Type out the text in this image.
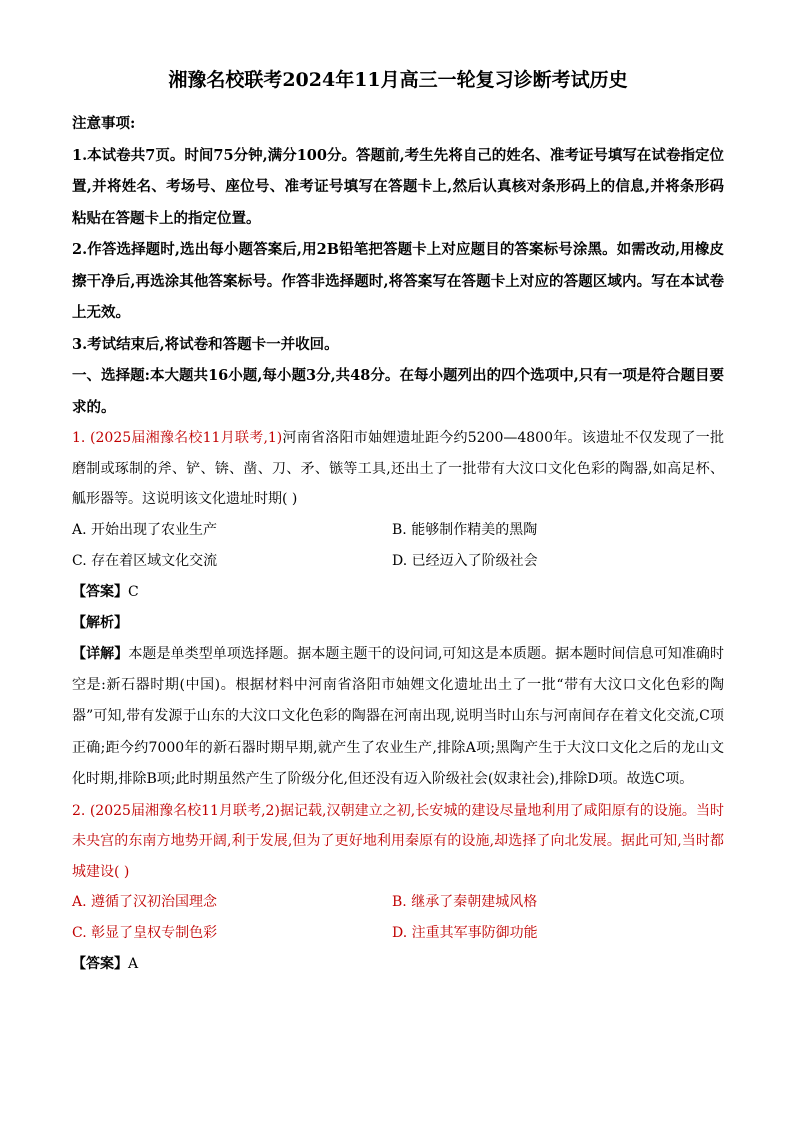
湘豫名校联考2024年11月高三一轮复习诊断考试历史

注意事项:

1.本试卷共7页。时间75分钟,满分100分。答题前,考生先将自己的姓名、准考证号填写在试卷指定位置,并将姓名、考场号、座位号、准考证号填写在答题卡上,然后认真核对条形码上的信息,并将条形码粘贴在答题卡上的指定位置。

2.作答选择题时,选出每小题答案后,用2B铅笔把答题卡上对应题目的答案标号涂黑。如需改动,用橡皮擦干净后,再选涂其他答案标号。作答非选择题时,将答案写在答题卡上对应的答题区域内。写在本试卷上无效。

3.考试结束后,将试卷和答题卡一并收回。

一、选择题:本大题共16小题,每小题3分,共48分。在每小题列出的四个选项中,只有一项是符合题目要求的。

1. (2025届湘豫名校11月联考,1)河南省洛阳市妯娌遗址距今约5200—4800年。该遗址不仅发现了一批磨制或琢制的斧、铲、锛、凿、刀、矛、镞等工具,还出土了一批带有大汶口文化色彩的陶器,如高足杯、觚形器等。这说明该文化遗址时期( )

A. 开始出现了农业生产	B. 能够制作精美的黑陶

C. 存在着区域文化交流	D. 已经迈入了阶级社会

【答案】C

【解析】

【详解】本题是单类型单项选择题。据本题主题干的设问词,可知这是本质题。据本题时间信息可知准确时空是:新石器时期(中国)。根据材料中河南省洛阳市妯娌文化遗址出土了一批“带有大汶口文化色彩的陶器”可知,带有发源于山东的大汶口文化色彩的陶器在河南出现,说明当时山东与河南间存在着文化交流,C项正确;距今约7000年的新石器时期早期,就产生了农业生产,排除A项;黑陶产生于大汶口文化之后的龙山文化时期,排除B项;此时期虽然产生了阶级分化,但还没有迈入阶级社会(奴隶社会),排除D项。故选C项。

2. (2025届湘豫名校11月联考,2)据记载,汉朝建立之初,长安城的建设尽量地利用了咸阳原有的设施。当时未央宫的东南方地势开阔,利于发展,但为了更好地利用秦原有的设施,却选择了向北发展。据此可知,当时都城建设( )

A. 遵循了汉初治国理念	B. 继承了秦朝建城风格

C. 彰显了皇权专制色彩	D. 注重其军事防御功能

【答案】A
